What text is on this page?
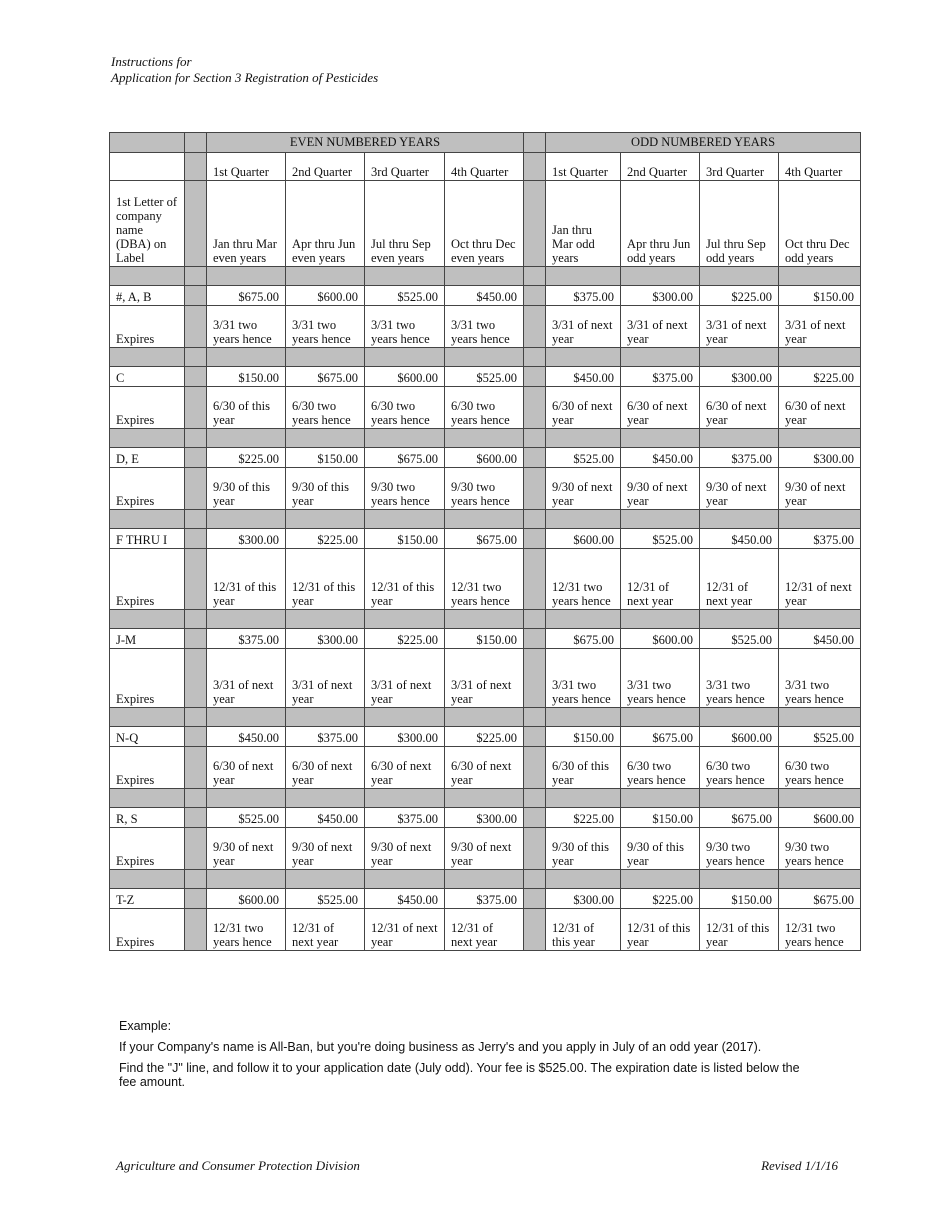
Instructions for
Application for Section 3 Registration of Pesticides
		EVEN NUMBERED YEARS					ODD NUMBERED YEARS			
		1st Quarter	2nd Quarter	3rd Quarter	4th Quarter		1st Quarter	2nd Quarter	3rd Quarter	4th Quarter
1st Letter of company name (DBA) on Label		Jan thru Mar even years	Apr thru Jun even years	Jul thru Sep even years	Oct thru Dec even years		Jan thru Mar odd years	Apr thru Jun odd years	Jul thru Sep odd years	Oct thru Dec odd years

#, A, B		$675.00	$600.00	$525.00	$450.00		$375.00	$300.00	$225.00	$150.00
Expires		3/31 two years hence	3/31 two years hence	3/31 two years hence	3/31 two years hence		3/31 of next year	3/31 of next year	3/31 of next year	3/31 of next year

C		$150.00	$675.00	$600.00	$525.00		$450.00	$375.00	$300.00	$225.00
Expires		6/30 of this year	6/30 two years hence	6/30 two years hence	6/30 two years hence		6/30 of next year	6/30 of next year	6/30 of next year	6/30 of next year

D, E		$225.00	$150.00	$675.00	$600.00		$525.00	$450.00	$375.00	$300.00
Expires		9/30 of this year	9/30 of this year	9/30 two years hence	9/30 two years hence		9/30 of next year	9/30 of next year	9/30 of next year	9/30 of next year

F THRU I		$300.00	$225.00	$150.00	$675.00		$600.00	$525.00	$450.00	$375.00
Expires		12/31 of this year	12/31 of this year	12/31 of this year	12/31 two years hence		12/31 two years hence	12/31 of next year	12/31 of next year	12/31 of next year

J-M		$375.00	$300.00	$225.00	$150.00		$675.00	$600.00	$525.00	$450.00
Expires		3/31 of next year	3/31 of next year	3/31 of next year	3/31 of next year		3/31 two years hence	3/31 two years hence	3/31 two years hence	3/31 two years hence

N-Q		$450.00	$375.00	$300.00	$225.00		$150.00	$675.00	$600.00	$525.00
Expires		6/30 of next year	6/30 of next year	6/30 of next year	6/30 of next year		6/30 of this year	6/30 two years hence	6/30 two years hence	6/30 two years hence

R, S		$525.00	$450.00	$375.00	$300.00		$225.00	$150.00	$675.00	$600.00
Expires		9/30 of next year	9/30 of next year	9/30 of next year	9/30 of next year		9/30 of this year	9/30 of this year	9/30 two years hence	9/30 two years hence

T-Z		$600.00	$525.00	$450.00	$375.00		$300.00	$225.00	$150.00	$675.00
Expires		12/31 two years hence	12/31 of next year	12/31 of next year	12/31 of next year		12/31 of this year	12/31 of this year	12/31 of this year	12/31 two years hence

Example:

If your Company's name is All-Ban, but you're doing business as Jerry's and you apply in July of an odd year (2017).

Find the "J" line, and follow it to your application date (July odd). Your fee is $525.00. The expiration date is listed below the fee amount.

Agriculture and Consumer Protection Division	Revised 1/1/16
